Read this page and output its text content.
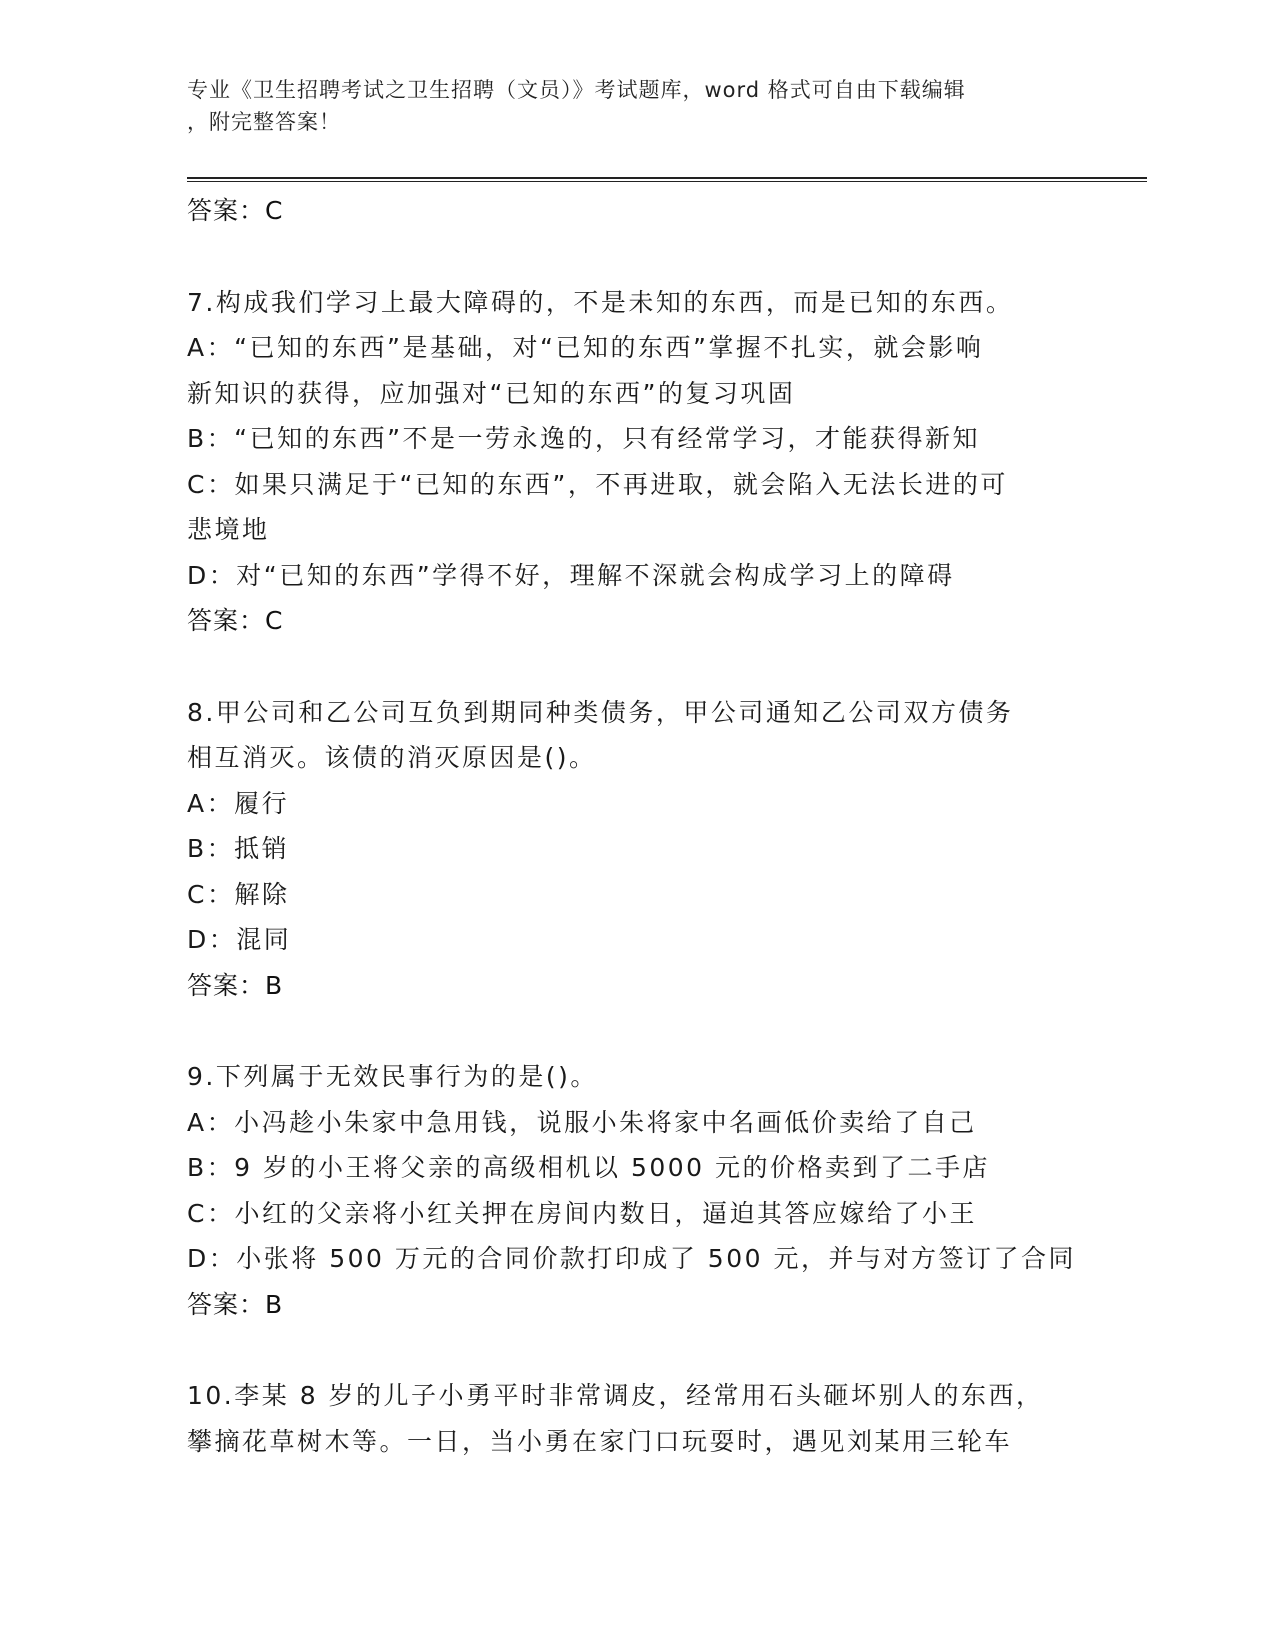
专业《卫生招聘考试之卫生招聘（文员）》考试题库，word 格式可自由下载编辑
，附完整答案！
答案：C
7.构成我们学习上最大障碍的，不是未知的东西，而是已知的东西。
A：“已知的东西”是基础，对“已知的东西”掌握不扎实，就会影响
新知识的获得，应加强对“已知的东西”的复习巩固
B：“已知的东西”不是一劳永逸的，只有经常学习，才能获得新知
C：如果只满足于“已知的东西”，不再进取，就会陷入无法长进的可
悲境地
D：对“已知的东西”学得不好，理解不深就会构成学习上的障碍
答案：C
8.甲公司和乙公司互负到期同种类债务，甲公司通知乙公司双方债务
相互消灭。该债的消灭原因是()。
A：履行
B：抵销
C：解除
D：混同
答案：B
9.下列属于无效民事行为的是()。
A：小冯趁小朱家中急用钱，说服小朱将家中名画低价卖给了自己
B：9 岁的小王将父亲的高级相机以 5000 元的价格卖到了二手店
C：小红的父亲将小红关押在房间内数日，逼迫其答应嫁给了小王
D：小张将 500 万元的合同价款打印成了 500 元，并与对方签订了合同
答案：B
10.李某 8 岁的儿子小勇平时非常调皮，经常用石头砸坏别人的东西，
攀摘花草树木等。一日，当小勇在家门口玩耍时，遇见刘某用三轮车
